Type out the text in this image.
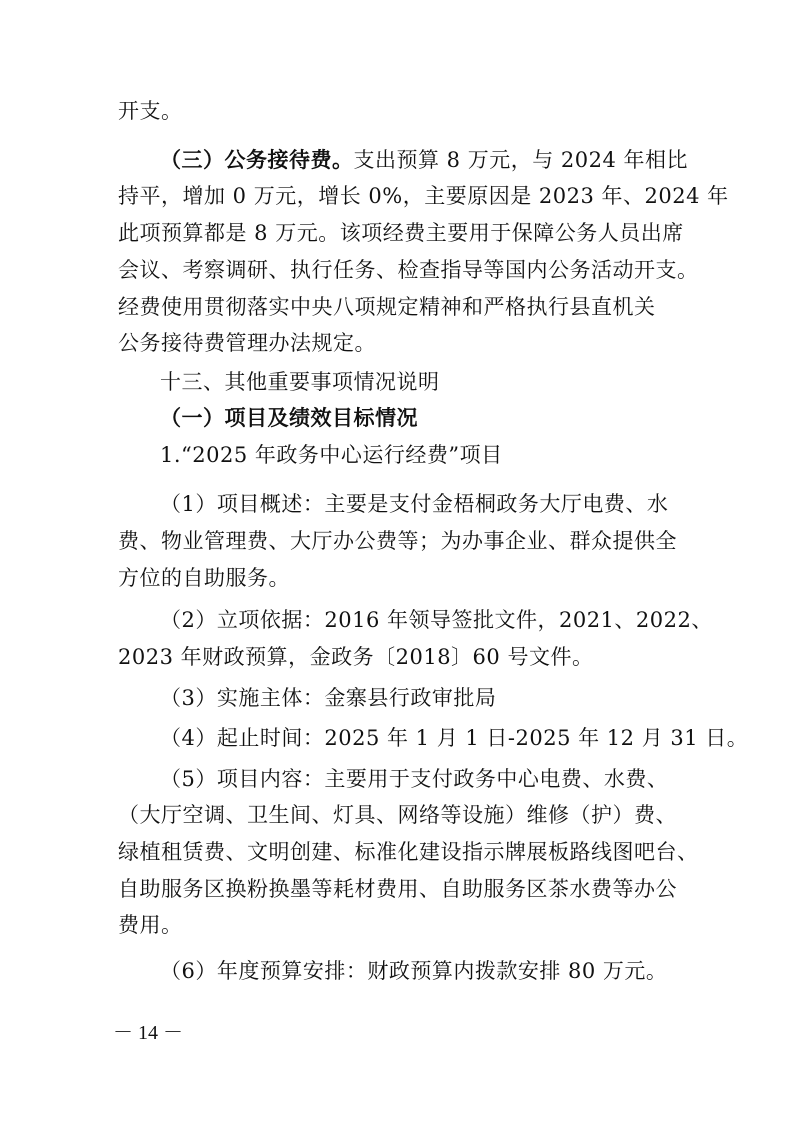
开支。
（三）公务接待费。支出预算 8 万元，与 2024 年相比
持平，增加 0 万元，增长 0%，主要原因是 2023 年、2024 年
此项预算都是 8 万元。该项经费主要用于保障公务人员出席
会议、考察调研、执行任务、检查指导等国内公务活动开支。
经费使用贯彻落实中央八项规定精神和严格执行县直机关
公务接待费管理办法规定。
十三、其他重要事项情况说明
（一）项目及绩效目标情况
1.“2025 年政务中心运行经费”项目
（1）项目概述：主要是支付金梧桐政务大厅电费、水
费、物业管理费、大厅办公费等；为办事企业、群众提供全
方位的自助服务。
（2）立项依据：2016 年领导签批文件，2021、2022、
2023 年财政预算，金政务〔2018〕60 号文件。
（3）实施主体：金寨县行政审批局
（4）起止时间：2025 年 1 月 1 日-2025 年 12 月 31 日。
（5）项目内容：主要用于支付政务中心电费、水费、
（大厅空调、卫生间、灯具、网络等设施）维修（护）费、
绿植租赁费、文明创建、标准化建设指示牌展板路线图吧台、
自助服务区换粉换墨等耗材费用、自助服务区茶水费等办公
费用。
（6）年度预算安排：财政预算内拨款安排 80 万元。
－ 14 －
